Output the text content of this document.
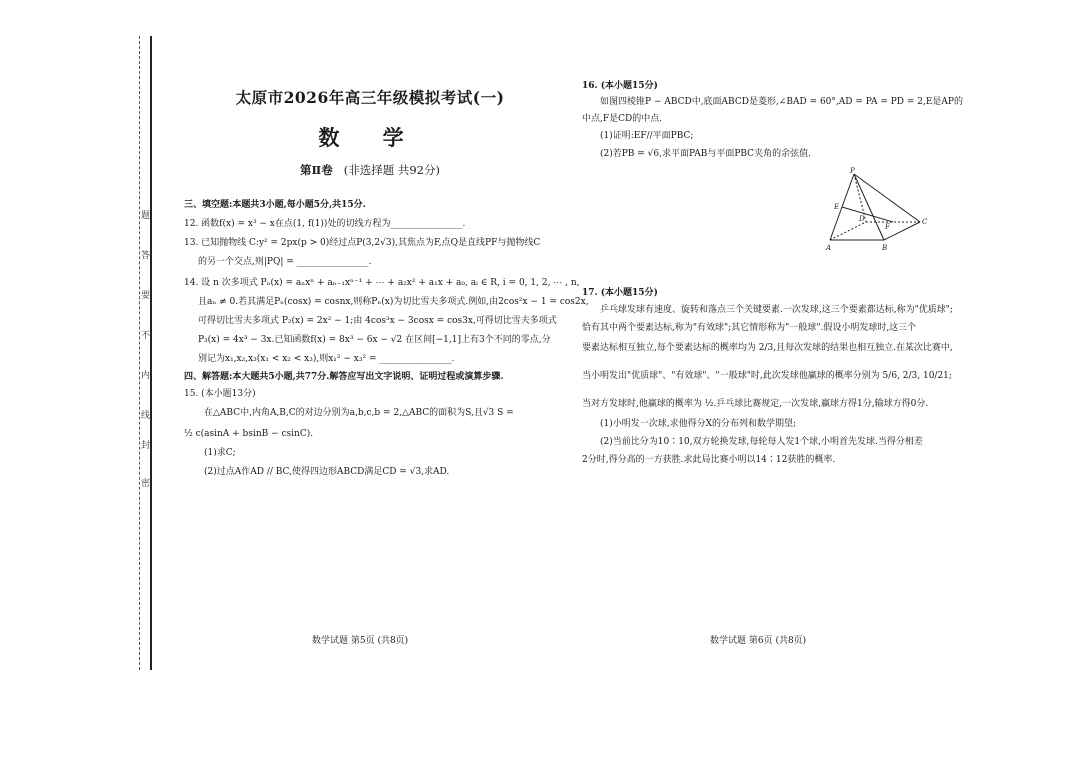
题
答
要
不
内
线
封
密
太原市2026年高三年级模拟考试(一)
数 学
第Ⅱ卷 (非选择题 共92分)
三、填空题:本题共3小题,每小题5分,共15分.
12. 函数f(x) = x³ − x在点(1, f(1))处的切线方程为________________.
13. 已知抛物线 C:y² = 2px(p > 0)经过点P(3,2√3),其焦点为F,点Q是直线PF与抛物线C
的另一个交点,则|PQ| = ________________.
14. 设 n 次多项式 Pₙ(x) = aₙxⁿ + aₙ₋₁xⁿ⁻¹ + ⋯ + a₂x² + a₁x + a₀, aᵢ ∈ R, i = 0, 1, 2, ⋯ , n,
且aₙ ≠ 0.若其满足Pₙ(cosx) = cosnx,则称Pₙ(x)为切比雪夫多项式.例如,由2cos²x − 1 = cos2x,
可得切比雪夫多项式 P₂(x) = 2x² − 1;由 4cos³x − 3cosx = cos3x,可得切比雪夫多项式
P₃(x) = 4x³ − 3x.已知函数f(x) = 8x³ − 6x − √2 在区间[−1,1]上有3个不同的零点,分
别记为x₁,x₂,x₃(x₁ < x₂ < x₃),则x₁² − x₃² = ________________.
四、解答题:本大题共5小题,共77分.解答应写出文字说明、证明过程或演算步骤.
15. (本小题13分)
在△ABC中,内角A,B,C的对边分别为a,b,c,b = 2,△ABC的面积为S,且√3 S =
½ c(asinA + bsinB − csinC).
(1)求C;
(2)过点A作AD // BC,使得四边形ABCD满足CD = √3,求AD.
数学试题 第5页 (共8页)
16. (本小题15分)
如图四棱锥P − ABCD中,底面ABCD是菱形,∠BAD = 60°,AD = PA = PD = 2,E是AP的
中点,F是CD的中点.
(1)证明:EF//平面PBC;
(2)若PB = √6,求平面PAB与平面PBC夹角的余弦值.
P
E
D
F
C
A	B
17. (本小题15分)
乒乓球发球有速度、旋转和落点三个关键要素.一次发球,这三个要素都达标,称为"优质球";
恰有其中两个要素达标,称为"有效球";其它情形称为"一般球".假设小明发球时,这三个
要素达标相互独立,每个要素达标的概率均为 2/3,且每次发球的结果也相互独立.在某次比赛中,
当小明发出"优质球"、"有效球"、"一般球"时,此次发球他赢球的概率分别为 5/6, 2/3, 10/21;
当对方发球时,他赢球的概率为 ½.乒乓球比赛规定,一次发球,赢球方得1分,输球方得0分.
(1)小明发一次球,求他得分X的分布列和数学期望;
(2)当前比分为10∶10,双方轮换发球,每轮每人发1个球,小明首先发球.当得分相差
2分时,得分高的一方获胜.求此局比赛小明以14∶12获胜的概率.
数学试题 第6页 (共8页)
